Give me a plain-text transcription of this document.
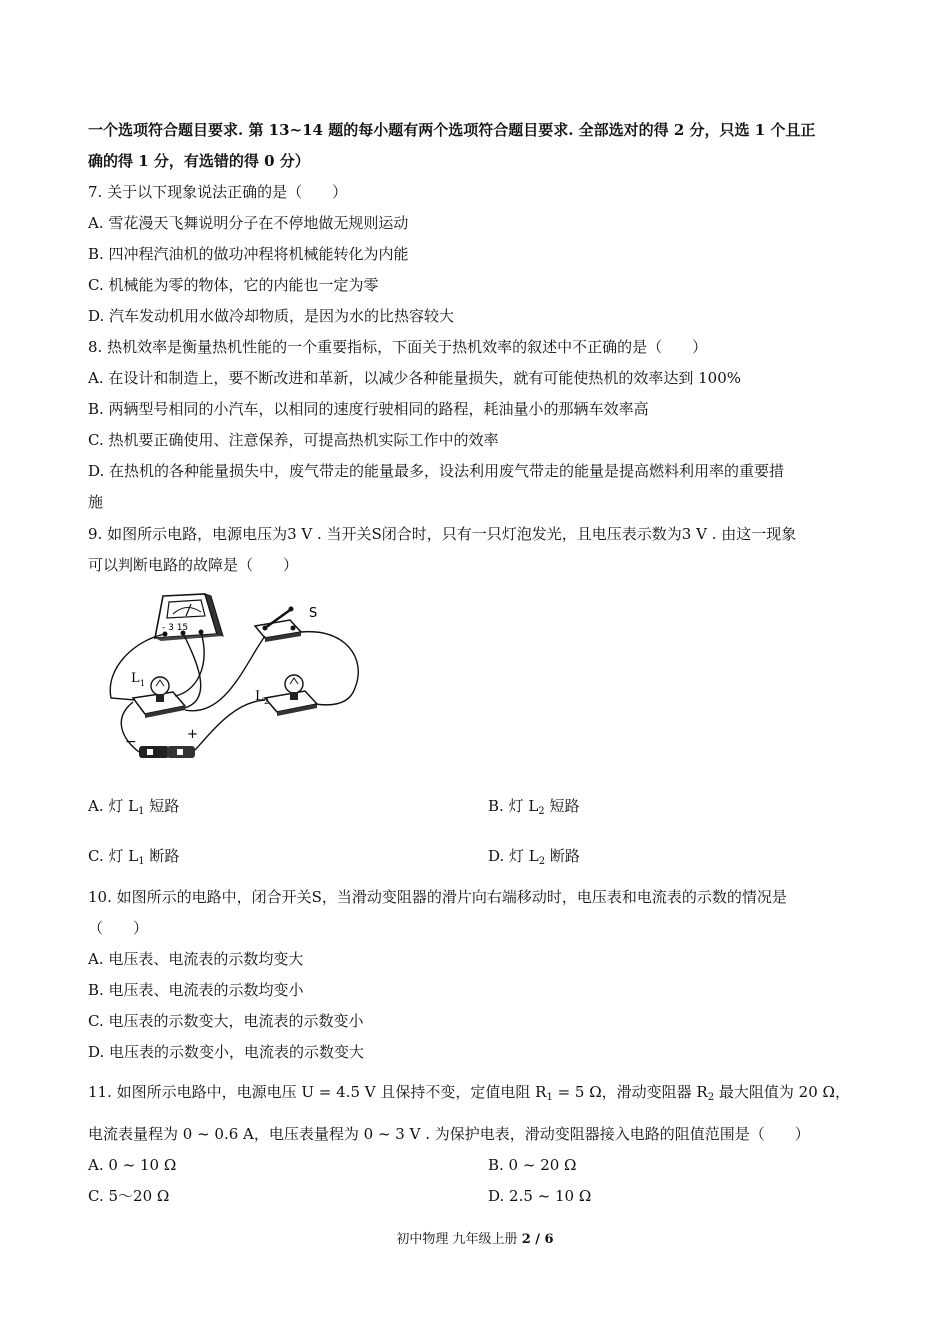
一个选项符合题目要求. 第 13~14 题的每小题有两个选项符合题目要求. 全部选对的得 2 分，只选 1 个且正
确的得 1 分，有选错的得 0 分）
7. 关于以下现象说法正确的是（　　）
A. 雪花漫天飞舞说明分子在不停地做无规则运动
B. 四冲程汽油机的做功冲程将机械能转化为内能
C. 机械能为零的物体，它的内能也一定为零
D. 汽车发动机用水做冷却物质，是因为水的比热容较大
8. 热机效率是衡量热机性能的一个重要指标，下面关于热机效率的叙述中不正确的是（　　）
A. 在设计和制造上，要不断改进和革新，以减少各种能量损失，就有可能使热机的效率达到 100%
B. 两辆型号相同的小汽车，以相同的速度行驶相同的路程，耗油量小的那辆车效率高
C. 热机要正确使用、注意保养，可提高热机实际工作中的效率
D. 在热机的各种能量损失中，废气带走的能量最多，设法利用废气带走的能量是提高燃料利用率的重要措
施
9. 如图所示电路，电源电压为3 V . 当开关S闭合时，只有一只灯泡发光，且电压表示数为3 V . 由这一现象
可以判断电路的故障是（　　）
- 3 15
S
L 1
L 2
−	+
A. 灯 $L_1$ 短路	B. 灯 $L_2$ 短路
C. 灯 $L_1$ 断路	D. 灯 $L_2$ 断路
10. 如图所示的电路中，闭合开关S，当滑动变阻器的滑片向右端移动时，电压表和电流表的示数的情况是
（　　）
A. 电压表、电流表的示数均变大
B. 电压表、电流表的示数均变小
C. 电压表的示数变大，电流表的示数变小
D. 电压表的示数变小，电流表的示数变大
11. 如图所示电路中，电源电压 U = 4.5 V 且保持不变，定值电阻 $R_1 = 5$ Ω，滑动变阻器 $R_2$ 最大阻值为 20 Ω，
电流表量程为 0 ~ 0.6 A，电压表量程为 0 ~ 3 V . 为保护电表，滑动变阻器接入电路的阻值范围是（　　）
A. 0 ~ 10 Ω	B. 0 ~ 20 Ω
C. 5～20 Ω	D. 2.5 ~ 10 Ω
初中物理 九年级上册 2 / 6
